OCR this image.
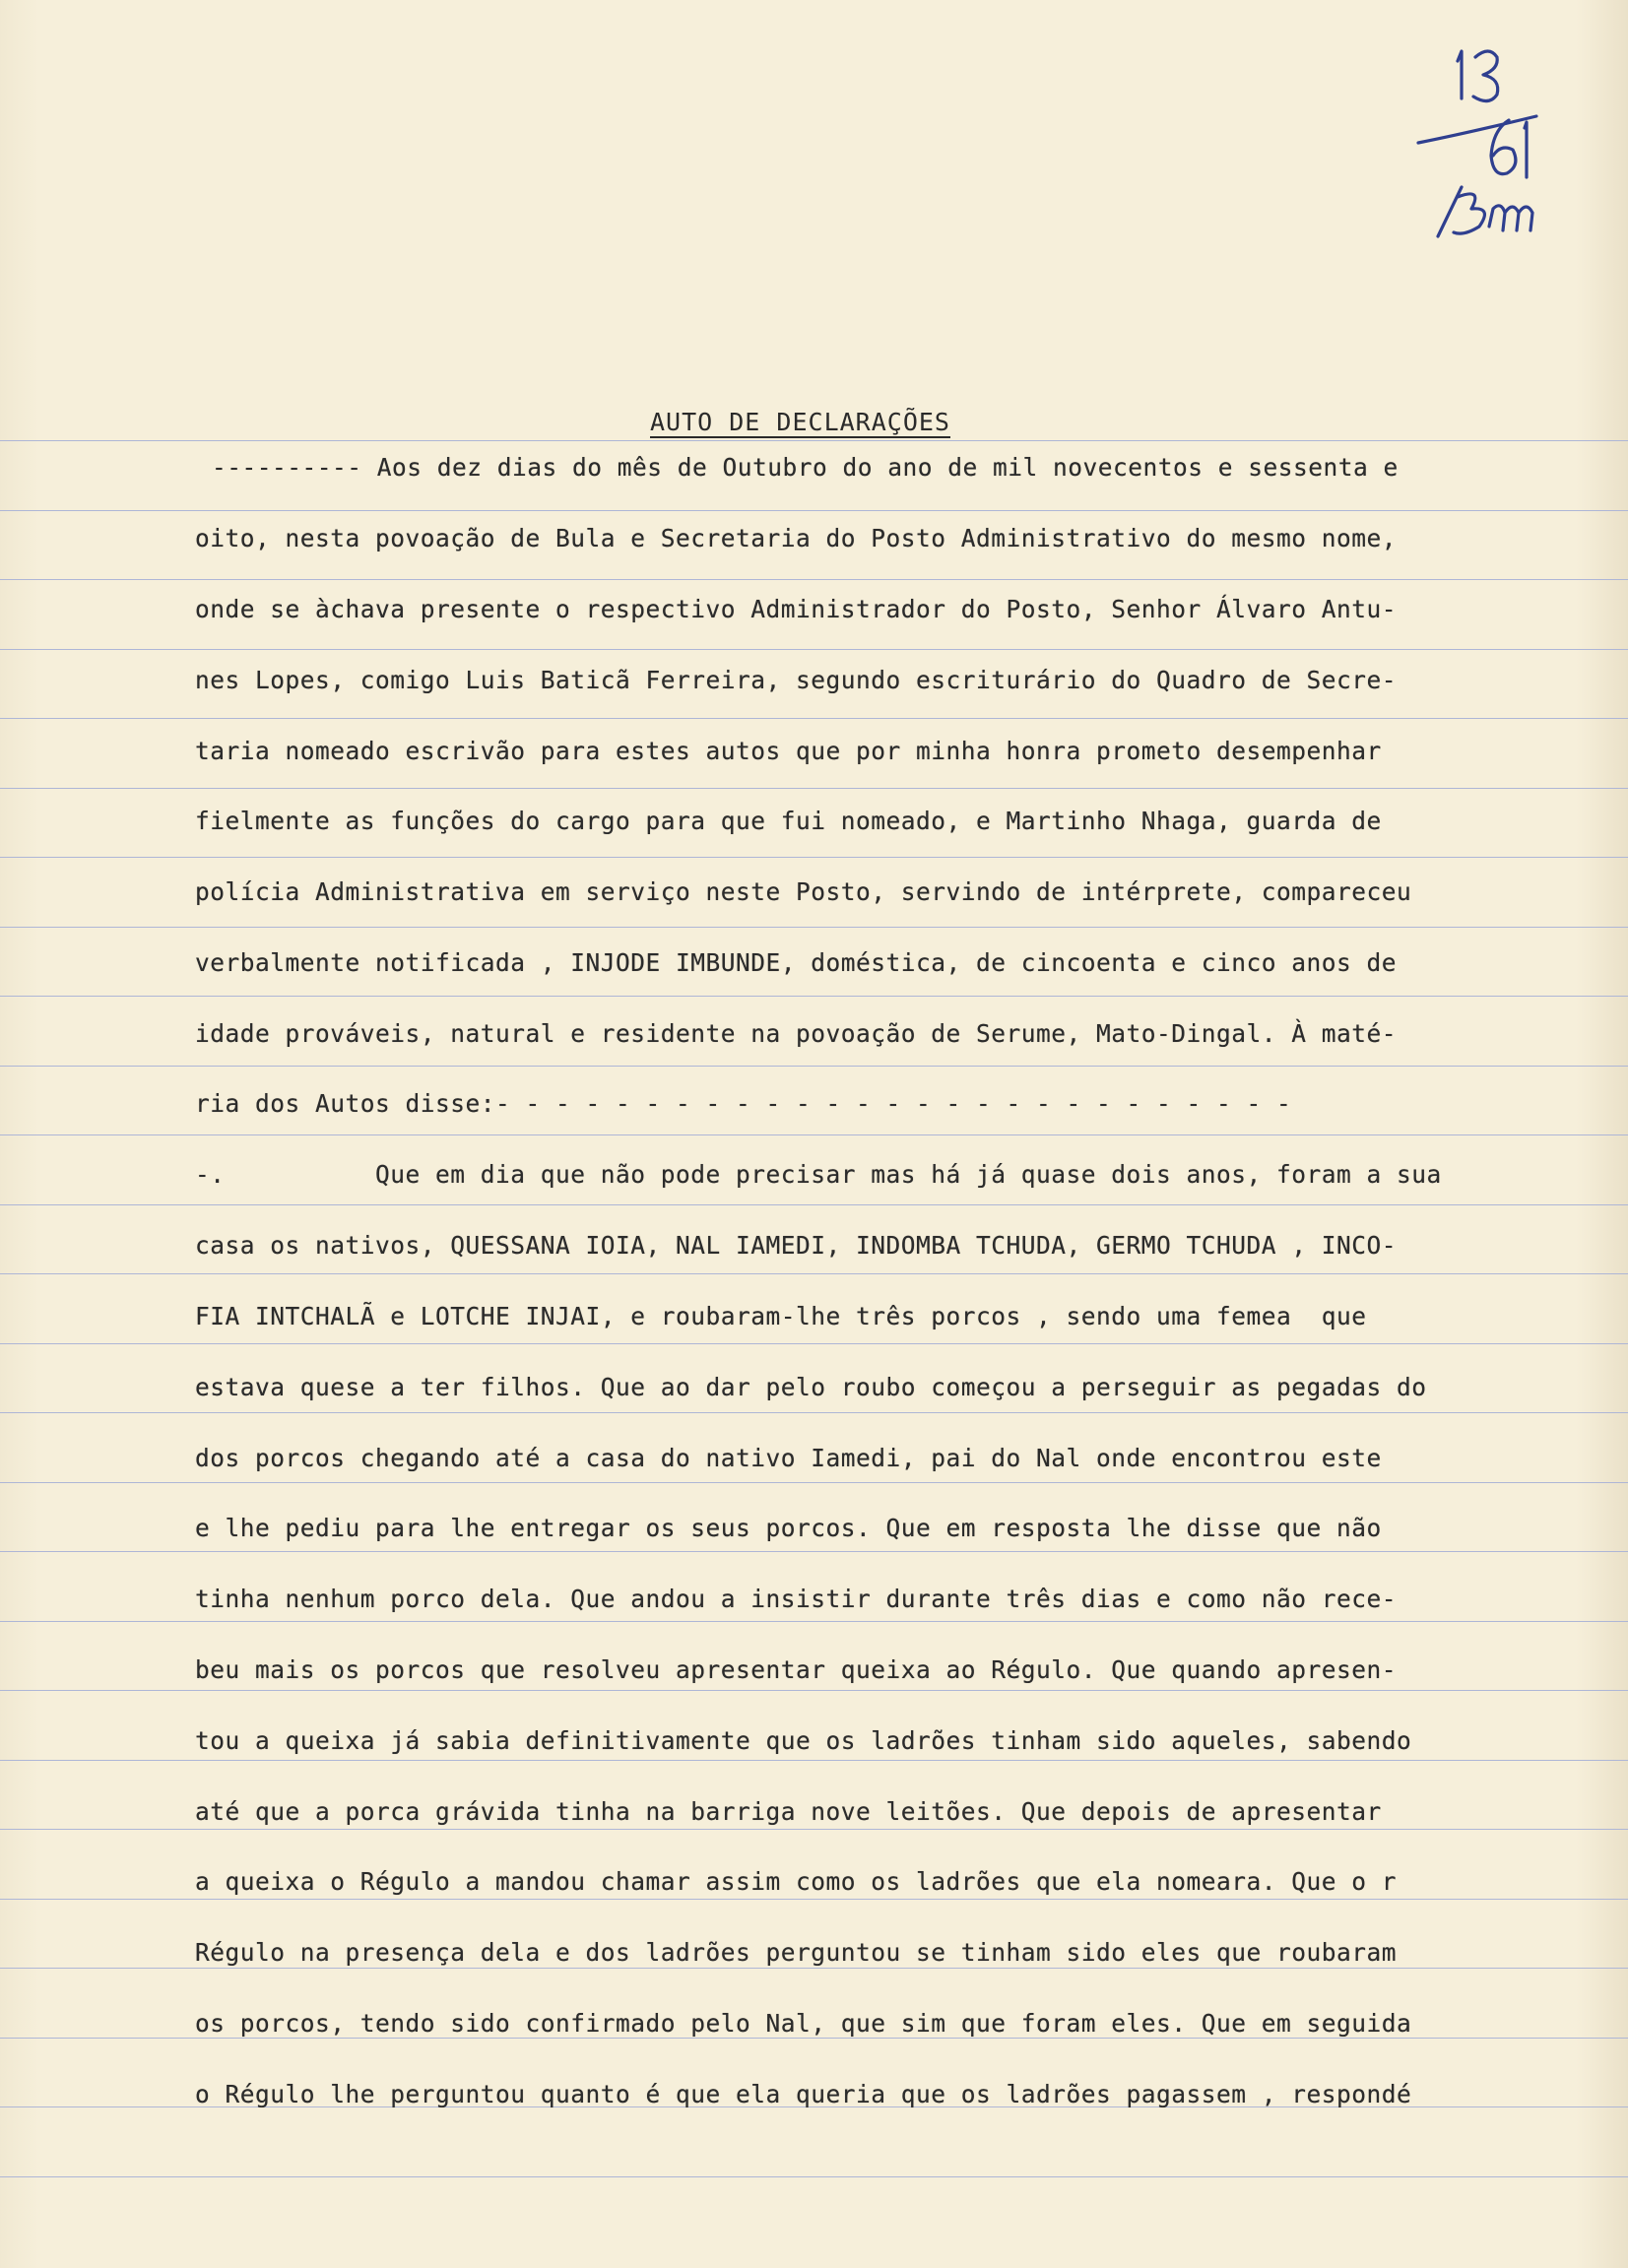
AUTO DE DECLARAÇÕES
---------- Aos dez dias do mês de Outubro do ano de mil novecentos e sessenta e
oito, nesta povoação de Bula e Secretaria do Posto Administrativo do mesmo nome,
onde se àchava presente o respectivo Administrador do Posto, Senhor Álvaro Antu-
nes Lopes, comigo Luis Baticã Ferreira, segundo escriturário do Quadro de Secre-
taria nomeado escrivão para estes autos que por minha honra prometo desempenhar
fielmente as funções do cargo para que fui nomeado, e Martinho Nhaga, guarda de
polícia Administrativa em serviço neste Posto, servindo de intérprete, compareceu
verbalmente notificada , INJODE IMBUNDE, doméstica, de cincoenta e cinco anos de
idade prováveis, natural e residente na povoação de Serume, Mato-Dingal. À maté-
ria dos Autos disse:- - - - - - - - - - - - - - - - - - - - - - - - - - -
-.          Que em dia que não pode precisar mas há já quase dois anos, foram a sua
casa os nativos, QUESSANA IOIA, NAL IAMEDI, INDOMBA TCHUDA, GERMO TCHUDA , INCO-
FIA INTCHALÃ e LOTCHE INJAI, e roubaram-lhe três porcos , sendo uma femea  que
estava quese a ter filhos. Que ao dar pelo roubo começou a perseguir as pegadas do
dos porcos chegando até a casa do nativo Iamedi, pai do Nal onde encontrou este
e lhe pediu para lhe entregar os seus porcos. Que em resposta lhe disse que não
tinha nenhum porco dela. Que andou a insistir durante três dias e como não rece-
beu mais os porcos que resolveu apresentar queixa ao Régulo. Que quando apresen-
tou a queixa já sabia definitivamente que os ladrões tinham sido aqueles, sabendo
até que a porca grávida tinha na barriga nove leitões. Que depois de apresentar
a queixa o Régulo a mandou chamar assim como os ladrões que ela nomeara. Que o r
Régulo na presença dela e dos ladrões perguntou se tinham sido eles que roubaram
os porcos, tendo sido confirmado pelo Nal, que sim que foram eles. Que em seguida
o Régulo lhe perguntou quanto é que ela queria que os ladrões pagassem , respondé
